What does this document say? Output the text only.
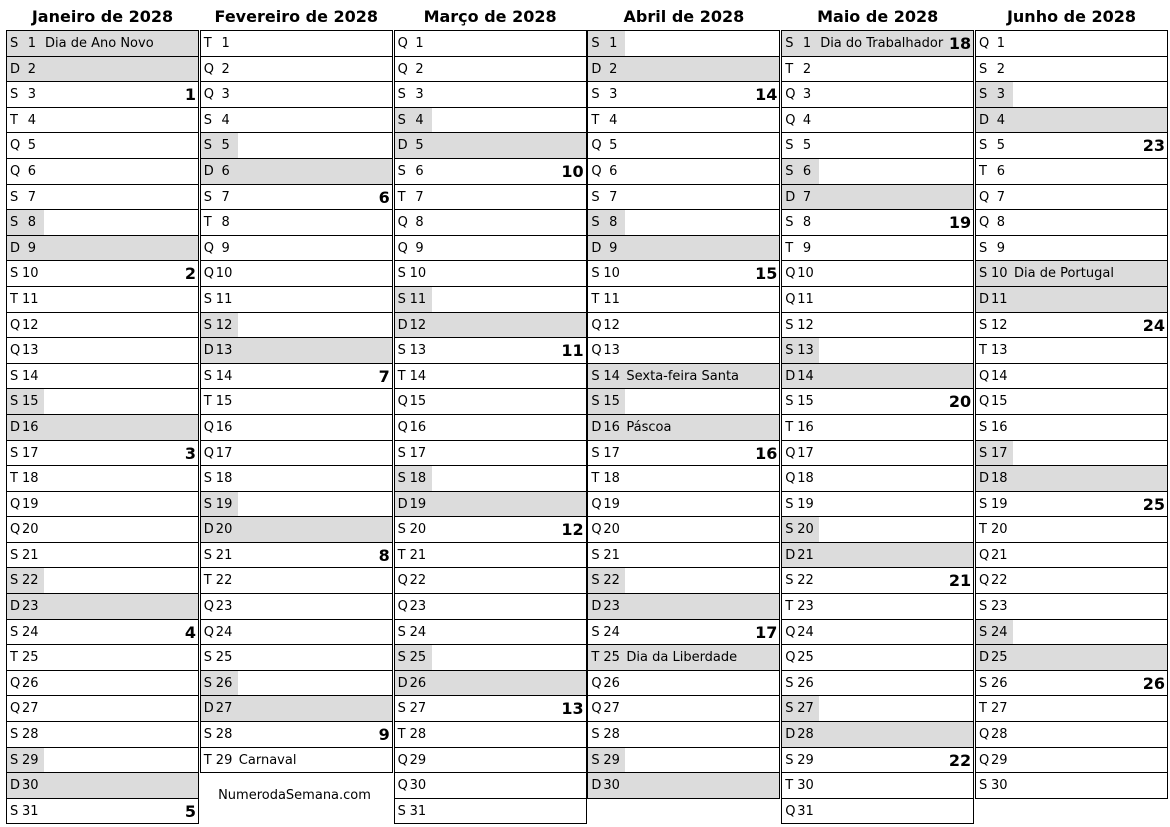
Janeiro de 2028
S 1 Dia de Ano Novo
D 2
S 3	1
T 4
Q 5
Q 6
S 7
S 8
D 9
S 10	2
T 11
Q 12
Q 13
S 14
S 15
D 16
S 17	3
T 18
Q 19
Q 20
S 21
S 22
D 23
S 24	4
T 25
Q 26
Q 27
S 28
S 29
D 30
S 31	5
Fevereiro de 2028
T 1
Q 2
Q 3
S 4
S 5
D 6
S 7	6
T 8
Q 9
Q 10
S 11
S 12
D 13
S 14	7
T 15
Q 16
Q 17
S 18
S 19
D 20
S 21	8
T 22
Q 23
Q 24
S 25
S 26
D 27
S 28	9
T 29 Carnaval
Março de 2028
Q 1
Q 2
S 3
S 4
D 5
S 6	10
T 7
Q 8
Q 9
S 10
S 11
D 12
S 13	11
T 14
Q 15
Q 16
S 17
S 18
D 19
S 20	12
T 21
Q 22
Q 23
S 24
S 25
D 26
S 27	13
T 28
Q 29
Q 30
S 31
Abril de 2028
S 1
D 2
S 3	14
T 4
Q 5
Q 6
S 7
S 8
D 9
S 10	15
T 11
Q 12
Q 13
S 14 Sexta-feira Santa
S 15
D 16 Páscoa
S 17	16
T 18
Q 19
Q 20
S 21
S 22
D 23
S 24	17
T 25 Dia da Liberdade
Q 26
Q 27
S 28
S 29
D 30
Maio de 2028
S 1 Dia do Trabalhador 18
T 2
Q 3
Q 4
S 5
S 6
D 7
S 8	19
T 9
Q 10
Q 11
S 12
S 13
D 14
S 15	20
T 16
Q 17
Q 18
S 19
S 20
D 21
S 22	21
T 23
Q 24
Q 25
S 26
S 27
D 28
S 29	22
T 30
Q 31
Junho de 2028
Q 1
S 2
S 3
D 4
S 5	23
T 6
Q 7
Q 8
S 9
S 10 Dia de Portugal
D 11
S 12	24
T 13
Q 14
Q 15
S 16
S 17
D 18
S 19	25
T 20
Q 21
Q 22
S 23
S 24
D 25
S 26	26
T 27
Q 28
Q 29
S 30
NumerodaSemana.com
